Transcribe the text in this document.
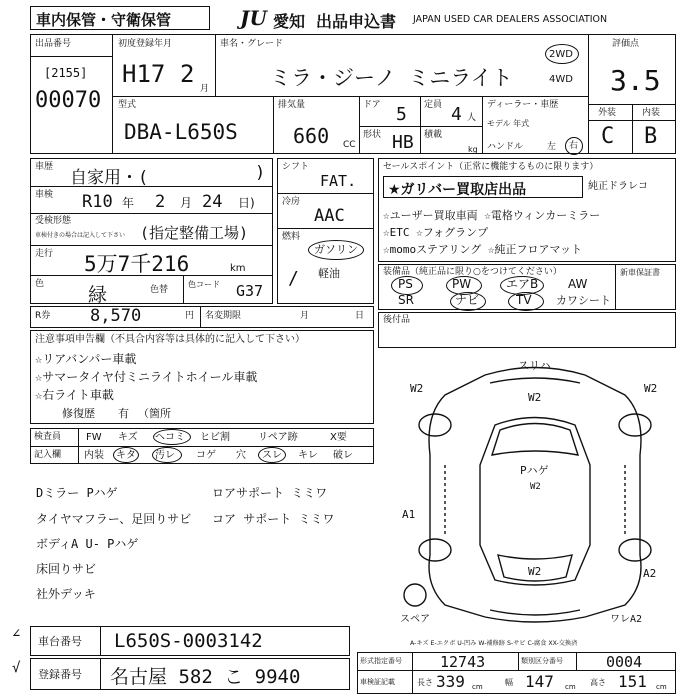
車内保管・守衛保管	JU 愛知 出品申込書 JAPAN USED CAR DEALERS ASSOCIATION
出品番号
[2155]
00070
初度登録年月
H17 2
月
車名・グレード
ミラ・ジーノ ミニライト
2WD
4WD
評価点
3.5
型式
DBA-L650S
排気量
660 CC
ドア 5 定員 4 人
形状 HB 積載
kg
ディーラー・車歴
モデル 年式
ハンドル	左 右
外装	内装
C B
車歴
自家用・(	)
車検 R10 年 2 月 24 日)
受検形態
車検付きの場合は記入して下さい (指定整備工場)
走行 5万7千216	km
色 緑	色替
色コード G37
シフト
FAT.
冷房
AAC
燃料
ガソリン
軽油
/
セールスポイント（正常に機能するものに限ります）
★ガリバー買取店出品	純正ドラレコ
☆ユーザー買取車両 ☆電格ウィンカーミラー
☆ETC ☆フォグランプ
☆momoステアリング ☆純正フロアマット
装備品（純正品に限り○をつけてください）	新車保証書
PS	PW	エアB AW
SR	ナビ	TV カワシート
R券 8,570	円 名変期限	月	日
注意事項申告欄（不具合内容等は具体的に記入して下さい）
☆リアバンパー車載
☆サマータイヤ付ミニライトホイール車載
☆右ライト車載
修復歴 有 （箇所
後付品
検査員
記入欄
FW キズ ヘコミ ヒビ割	リペア跡	X要
内装 キタ 汚レ コゲ 穴 スレ キレ 破レ
Dミラー Pハゲ
タイヤマフラー、足回りサビ
ボディA U- Pハゲ
床回りサビ
社外デッキ
ロアサポート ミミワ
コア サポート ミミワ
スリハ
W2
W2	W2
Pハゲ
W2
A1
A2
W2
スペア	ワレA2
A-キズ E-エクボ U-凹み W-補修跡 S-サビ C-腐食 XX-交換済
∠ 車台番号 L650S-0003142
√ 登録番号 名古屋 582 こ 9940
形式指定番号	12743	類別区分番号	0004
車検証記載	長さ 339 cm	幅 147 cm 高さ 151 cm
